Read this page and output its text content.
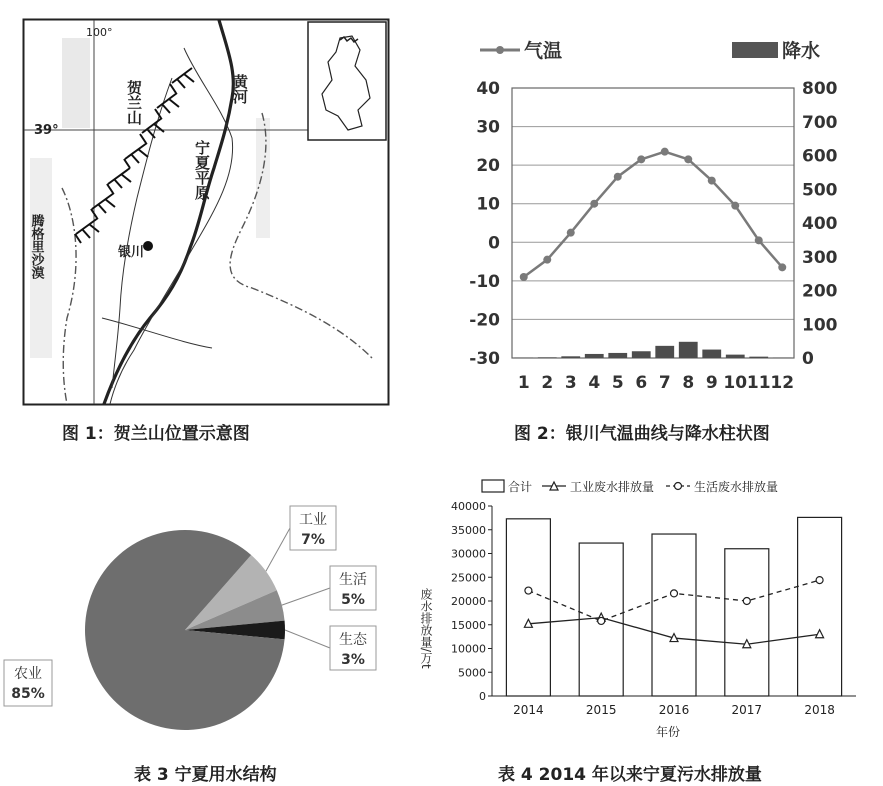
39°
100°
银川
黄河
贺兰山
宁夏平原
腾格里沙漠
图 1：贺兰山位置示意图
气温	降水
40
30
20
10
0
-10
-20
-30
800
700
600
500
400
300
200
100
0
1 2 3 4 5 6 7 8 9 10 11 12
图 2：银川气温曲线与降水柱状图
工业
7%
生活
5%
生态
3%
农业
85%
表 3 宁夏用水结构
合计	工业废水排放量	生活废水排放量
废水排放量/万t
年份
40000
35000
30000
25000
20000
15000
10000
5000
0
2014	2015	2016	2017	2018
表 4 2014 年以来宁夏污水排放量
